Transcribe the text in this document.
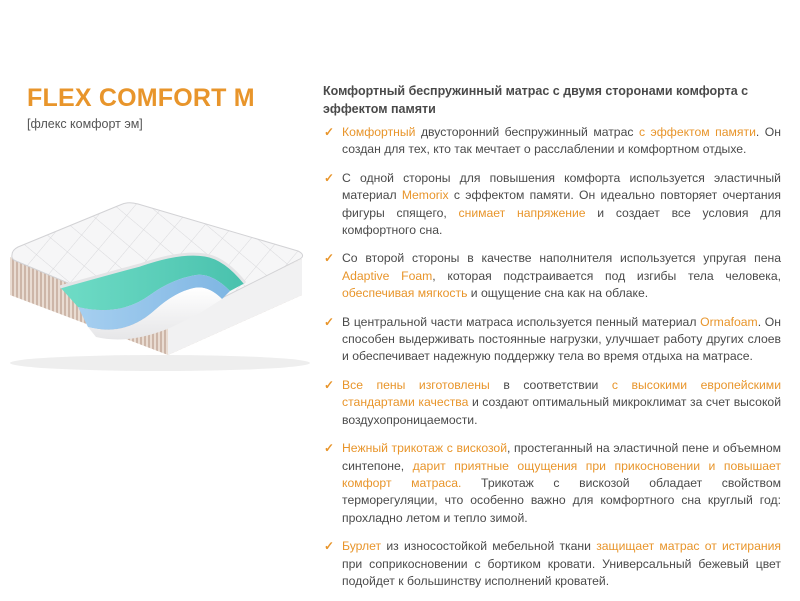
FLEX COMFORT M
[флекс комфорт эм]

Комфортный беспружинный матрас с двумя сторонами комфорта с эффектом памяти

✓ Комфортный двусторонний беспружинный матрас с эффектом памяти. Он создан для тех, кто так мечтает о расслаблении и комфортном отдыхе.
✓ С одной стороны для повышения комфорта используется эластичный материал Memorix с эффектом памяти. Он идеально повторяет очертания фигуры спящего, снимает напряжение и создает все условия для комфортного сна.
✓ Со второй стороны в качестве наполнителя используется упругая пена Adaptive Foam, которая подстраивается под изгибы тела человека, обеспечивая мягкость и ощущение сна как на облаке.
✓ В центральной части матраса используется пенный материал Ormafoam. Он способен выдерживать постоянные нагрузки, улучшает работу других слоев и обеспечивает надежную поддержку тела во время отдыха на матрасе.
✓ Все пены изготовлены в соответствии с высокими европейскими стандартами качества и создают оптимальный микроклимат за счет высокой воздухопроницаемости.
✓ Нежный трикотаж с вискозой, простеганный на эластичной пене и объемном синтепоне, дарит приятные ощущения при прикосновении и повышает комфорт матраса. Трикотаж с вискозой обладает свойством терморегуляции, что особенно важно для комфортного сна круглый год: прохладно летом и тепло зимой.
✓ Бурлет из износостойкой мебельной ткани защищает матрас от истирания при соприкосновении с бортиком кровати. Универсальный бежевый цвет подойдет к большинству исполнений кроватей.
